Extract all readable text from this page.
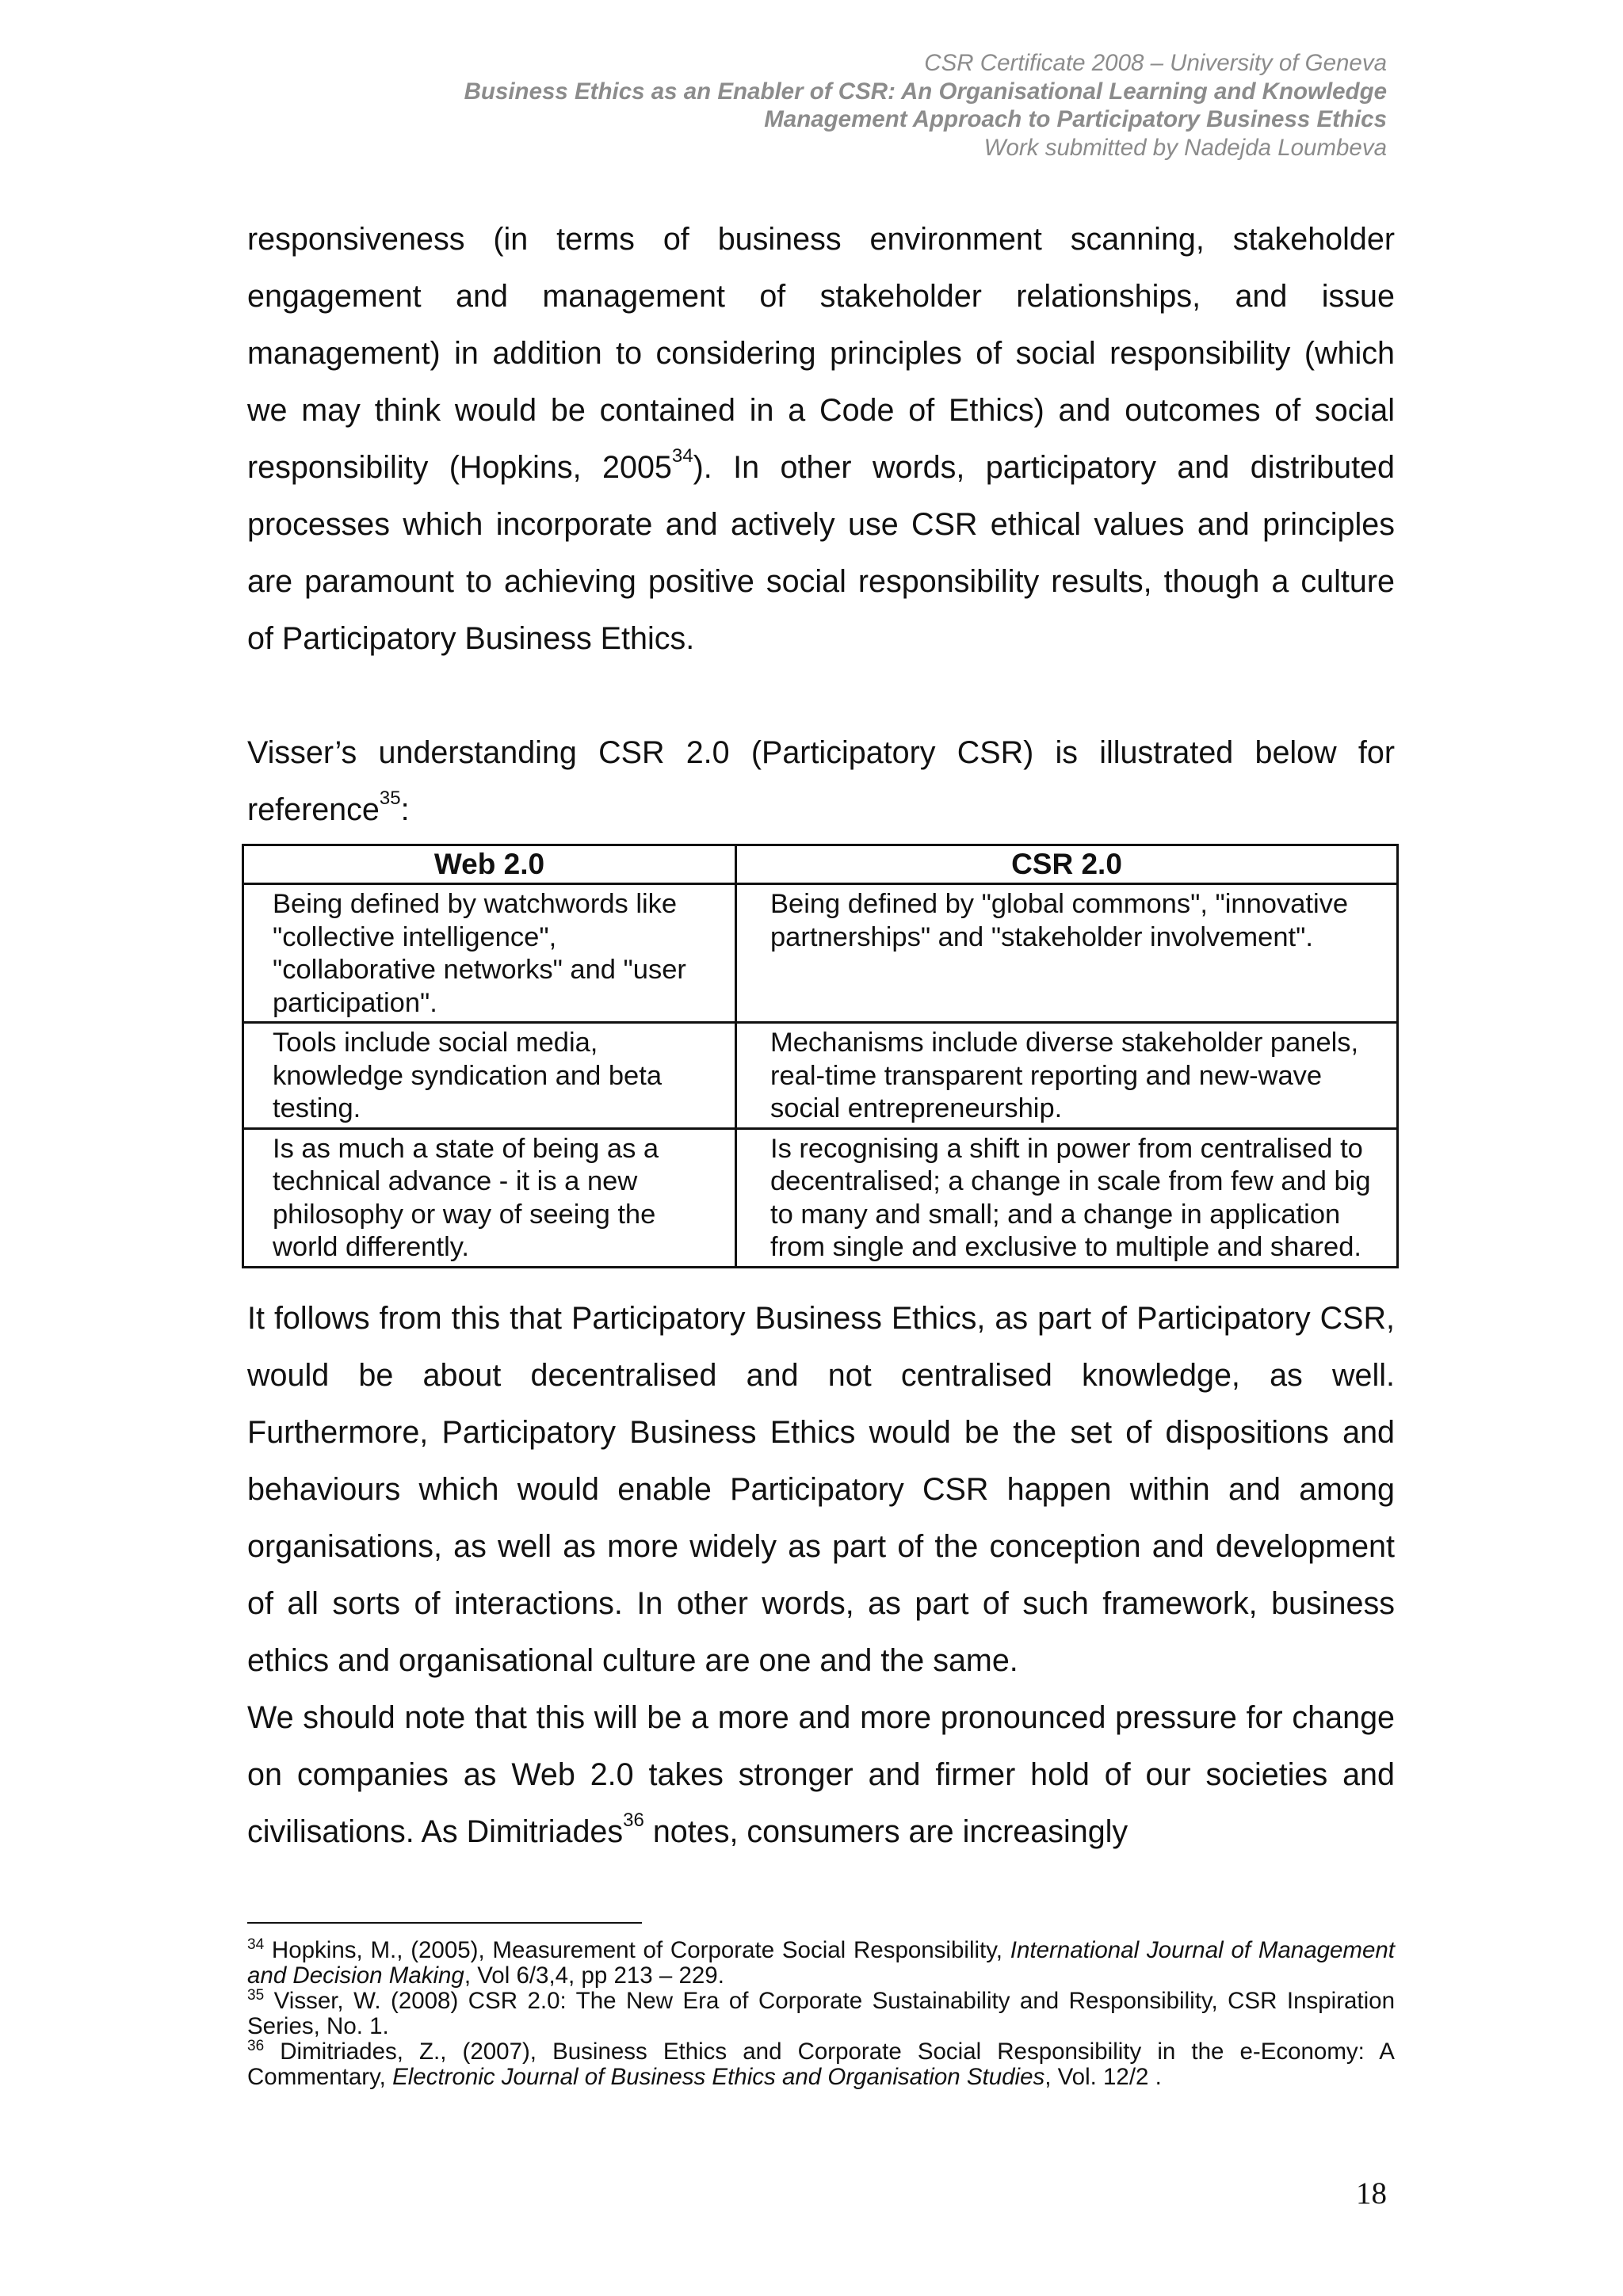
CSR Certificate 2008 – University of Geneva
Business Ethics as an Enabler of CSR: An Organisational Learning and Knowledge
Management Approach to Participatory Business Ethics
Work submitted by Nadejda Loumbeva

responsiveness (in terms of business environment scanning, stakeholder engagement and management of stakeholder relationships, and issue management) in addition to considering principles of social responsibility (which we may think would be contained in a Code of Ethics) and outcomes of social responsibility (Hopkins, 2005$^{34}$). In other words, participatory and distributed processes which incorporate and actively use CSR ethical values and principles are paramount to achieving positive social responsibility results, though a culture of Participatory Business Ethics.

Visser’s understanding CSR 2.0 (Participatory CSR) is illustrated below for reference$^{35}$:

Web 2.0	CSR 2.0
Being defined by watchwords like "collective intelligence", "collaborative networks" and "user participation".	Being defined by "global commons", "innovative partnerships" and "stakeholder involvement".
Tools include social media, knowledge syndication and beta testing.	Mechanisms include diverse stakeholder panels, real-time transparent reporting and new-wave social entrepreneurship.
Is as much a state of being as a technical advance - it is a new philosophy or way of seeing the world differently.	Is recognising a shift in power from centralised to decentralised; a change in scale from few and big to many and small; and a change in application from single and exclusive to multiple and shared.

It follows from this that Participatory Business Ethics, as part of Participatory CSR, would be about decentralised and not centralised knowledge, as well. Furthermore, Participatory Business Ethics would be the set of dispositions and behaviours which would enable Participatory CSR happen within and among organisations, as well as more widely as part of the conception and development of all sorts of interactions. In other words, as part of such framework, business ethics and organisational culture are one and the same.

We should note that this will be a more and more pronounced pressure for change on companies as Web 2.0 takes stronger and firmer hold of our societies and civilisations. As Dimitriades$^{36}$ notes, consumers are increasingly

$^{34}$ Hopkins, M., (2005), Measurement of Corporate Social Responsibility, International Journal of Management and Decision Making, Vol 6/3,4, pp 213 – 229.

$^{35}$ Visser, W. (2008) CSR 2.0: The New Era of Corporate Sustainability and Responsibility, CSR Inspiration Series, No. 1.

$^{36}$ Dimitriades, Z., (2007), Business Ethics and Corporate Social Responsibility in the e-Economy: A Commentary, Electronic Journal of Business Ethics and Organisation Studies, Vol. 12/2 .

18
